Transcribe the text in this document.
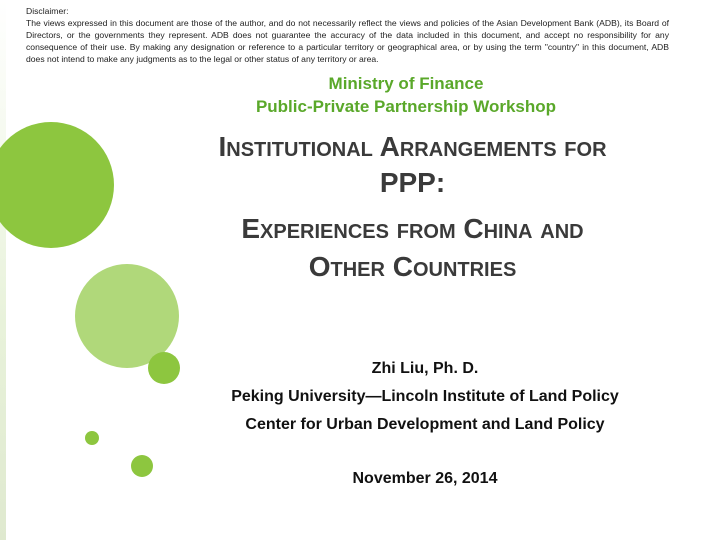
Disclaimer:
The views expressed in this document are those of the author, and do not necessarily reflect the views and policies of the Asian Development Bank (ADB), its Board of Directors, or the governments they represent. ADB does not guarantee the accuracy of the data included in this document, and accept no responsibility for any consequence of their use. By making any designation or reference to a particular territory or geographical area, or by using the term "country" in this document, ADB does not intend to make any judgments as to the legal or other status of any territory or area.
Ministry of Finance
Public-Private Partnership Workshop
Institutional Arrangements for
PPP:
Experiences from China and
Other Countries
Zhi Liu, Ph. D.
Peking University—Lincoln Institute of Land Policy
Center for Urban Development and Land Policy
November 26, 2014
